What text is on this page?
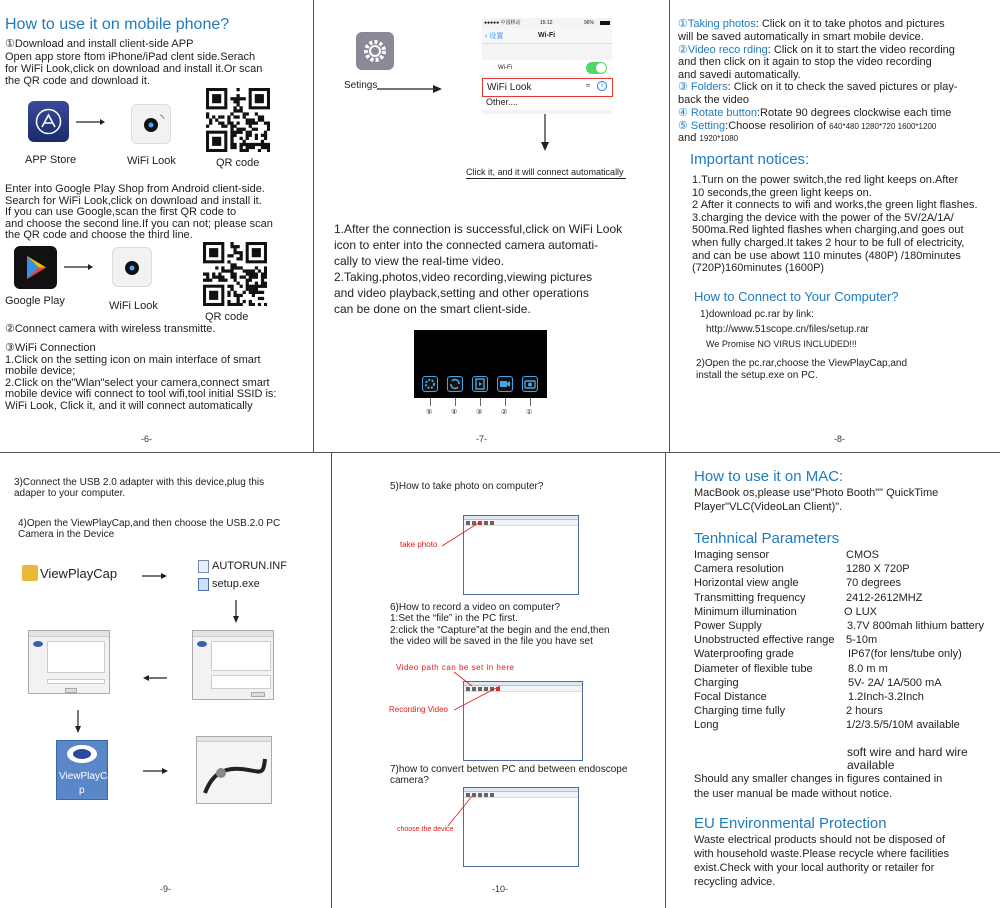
How to use it on mobile phone?
①Download and install client-side APP
Open app store ftom iPhone/iPad clent side.Serach
for WiFi Look,click on download and install it.Or scan
the QR code and download it.
APP Store	WiFi Look	QR code
Enter into Google Play Shop from Android client-side.
Search for WiFi Look,click on download and install it.
If you can use Google,scan the first QR code to
and choose the second line.If you can not; please scan
the QR code and choose the third line.
Google Play	WiFi Look
QR code
②Connect camera with wireless transmitte.
③WiFi Connection
1.Click on the setting icon on main interface of smart
mobile device;
2.Click on the"Wlan"select your camera,connect smart
mobile device wifi connect to tool wifi,tool initial SSID is:
WiFi Look, Click it, and it will connect automatically
-6-
Setings
●●●●● 中国移动	15:12	96%
‹ 设置	Wi-Fi
Wi-Fi
Other....
WiFi Look	≈	i
Click it, and it will connect automatically
1.After the connection is successful,click on WiFi Look
icon to enter into the connected camera automati-
cally to view the real-time video.
2.Taking.photos,video recording,viewing pictures
and video playback,setting and other operations
can be done on the smart client-side.
⑤	④	③	②	①
-7-
①Taking photos: Click on it to take photos and pictures
will be saved automatically in smart mobile device.
②Video reco rding: Click on it to start the video recording
and then click on it again to stop the video recording
and savedi automatically.
③ Folders: Click on it to check the saved pictures or play-
back the video
④ Rotate button:Rotate 90 degrees clockwise each time
⑤ Setting:Choose resolirion of 640*480 1280*720 1600*1200
and 1920*1080
Important notices:
1.Turn on the power switch,the red light keeps on.After
10 seconds,the green light keeps on.
2 After it connects to wifi and works,the green light flashes.
3.charging the device with the power of the 5V/2A/1A/
500ma.Red lighted flashes when charging,and goes out
when fully charged.It takes 2 hour to be full of electricity,
and can be use abowt 110 minutes (480P) /180minutes
(720P)160minutes (1600P)
How to Connect to Your Computer?
1)download pc.rar by link:
http://www.51scope.cn/files/setup.rar
We Promise NO VIRUS INCLUDED!!!
2)Open the pc.rar,choose the ViewPlayCap,and
install the setup.exe on PC.
-8-
3)Connect the USB 2.0 adapter with this device,plug this
adaper to your computer.
4)Open the ViewPlayCap,and then choose the USB.2.0 PC
Camera in the Device
ViewPlayCap	AUTORUN.INF
setup.exe
ViewPlayCa
p
-9-
5)How to take photo on computer?
take photo
6)How to record a video on computer?
1:Set the “file” in the PC first.
2:click the “Capture”at the begin and the end,then
the video will be saved in the file you have set
Video path can be set in here
Recording Video
7)how to convert betwen PC and between endoscope
camera?
choose the device
-10-
How to use it on MAC:
MacBook os,please use"Photo Booth"" QuickTime
Player"VLC(VideoLan Client)".
Tenhnical Parameters
Imaging sensor	CMOS
Camera resolution	1280 X 720P
Horizontal view angle	70 degrees
Transmitting frequency	2412-2612MHZ
Minimum illumination	O LUX
Power Supply	3.7V 800mah lithium battery
Unobstructed effective range 5-10m
Waterproofing grade	IP67(for lens/tube only)
Diameter of flexible tube	8.0 m m
Charging	5V- 2A/ 1A/500 mA
Focal Distance	1.2Inch-3.2Inch
Charging time fully	2 hours
Long	1/2/3.5/5/10M available
soft wire and hard wire
available
Should any smaller changes in figures contained in
the user manual be made without notice.
EU Environmental Protection
Waste electrical products should not be disposed of
with household waste.Please recycle where facilities
exist.Check with your local authority or retailer for
recycling advice.
